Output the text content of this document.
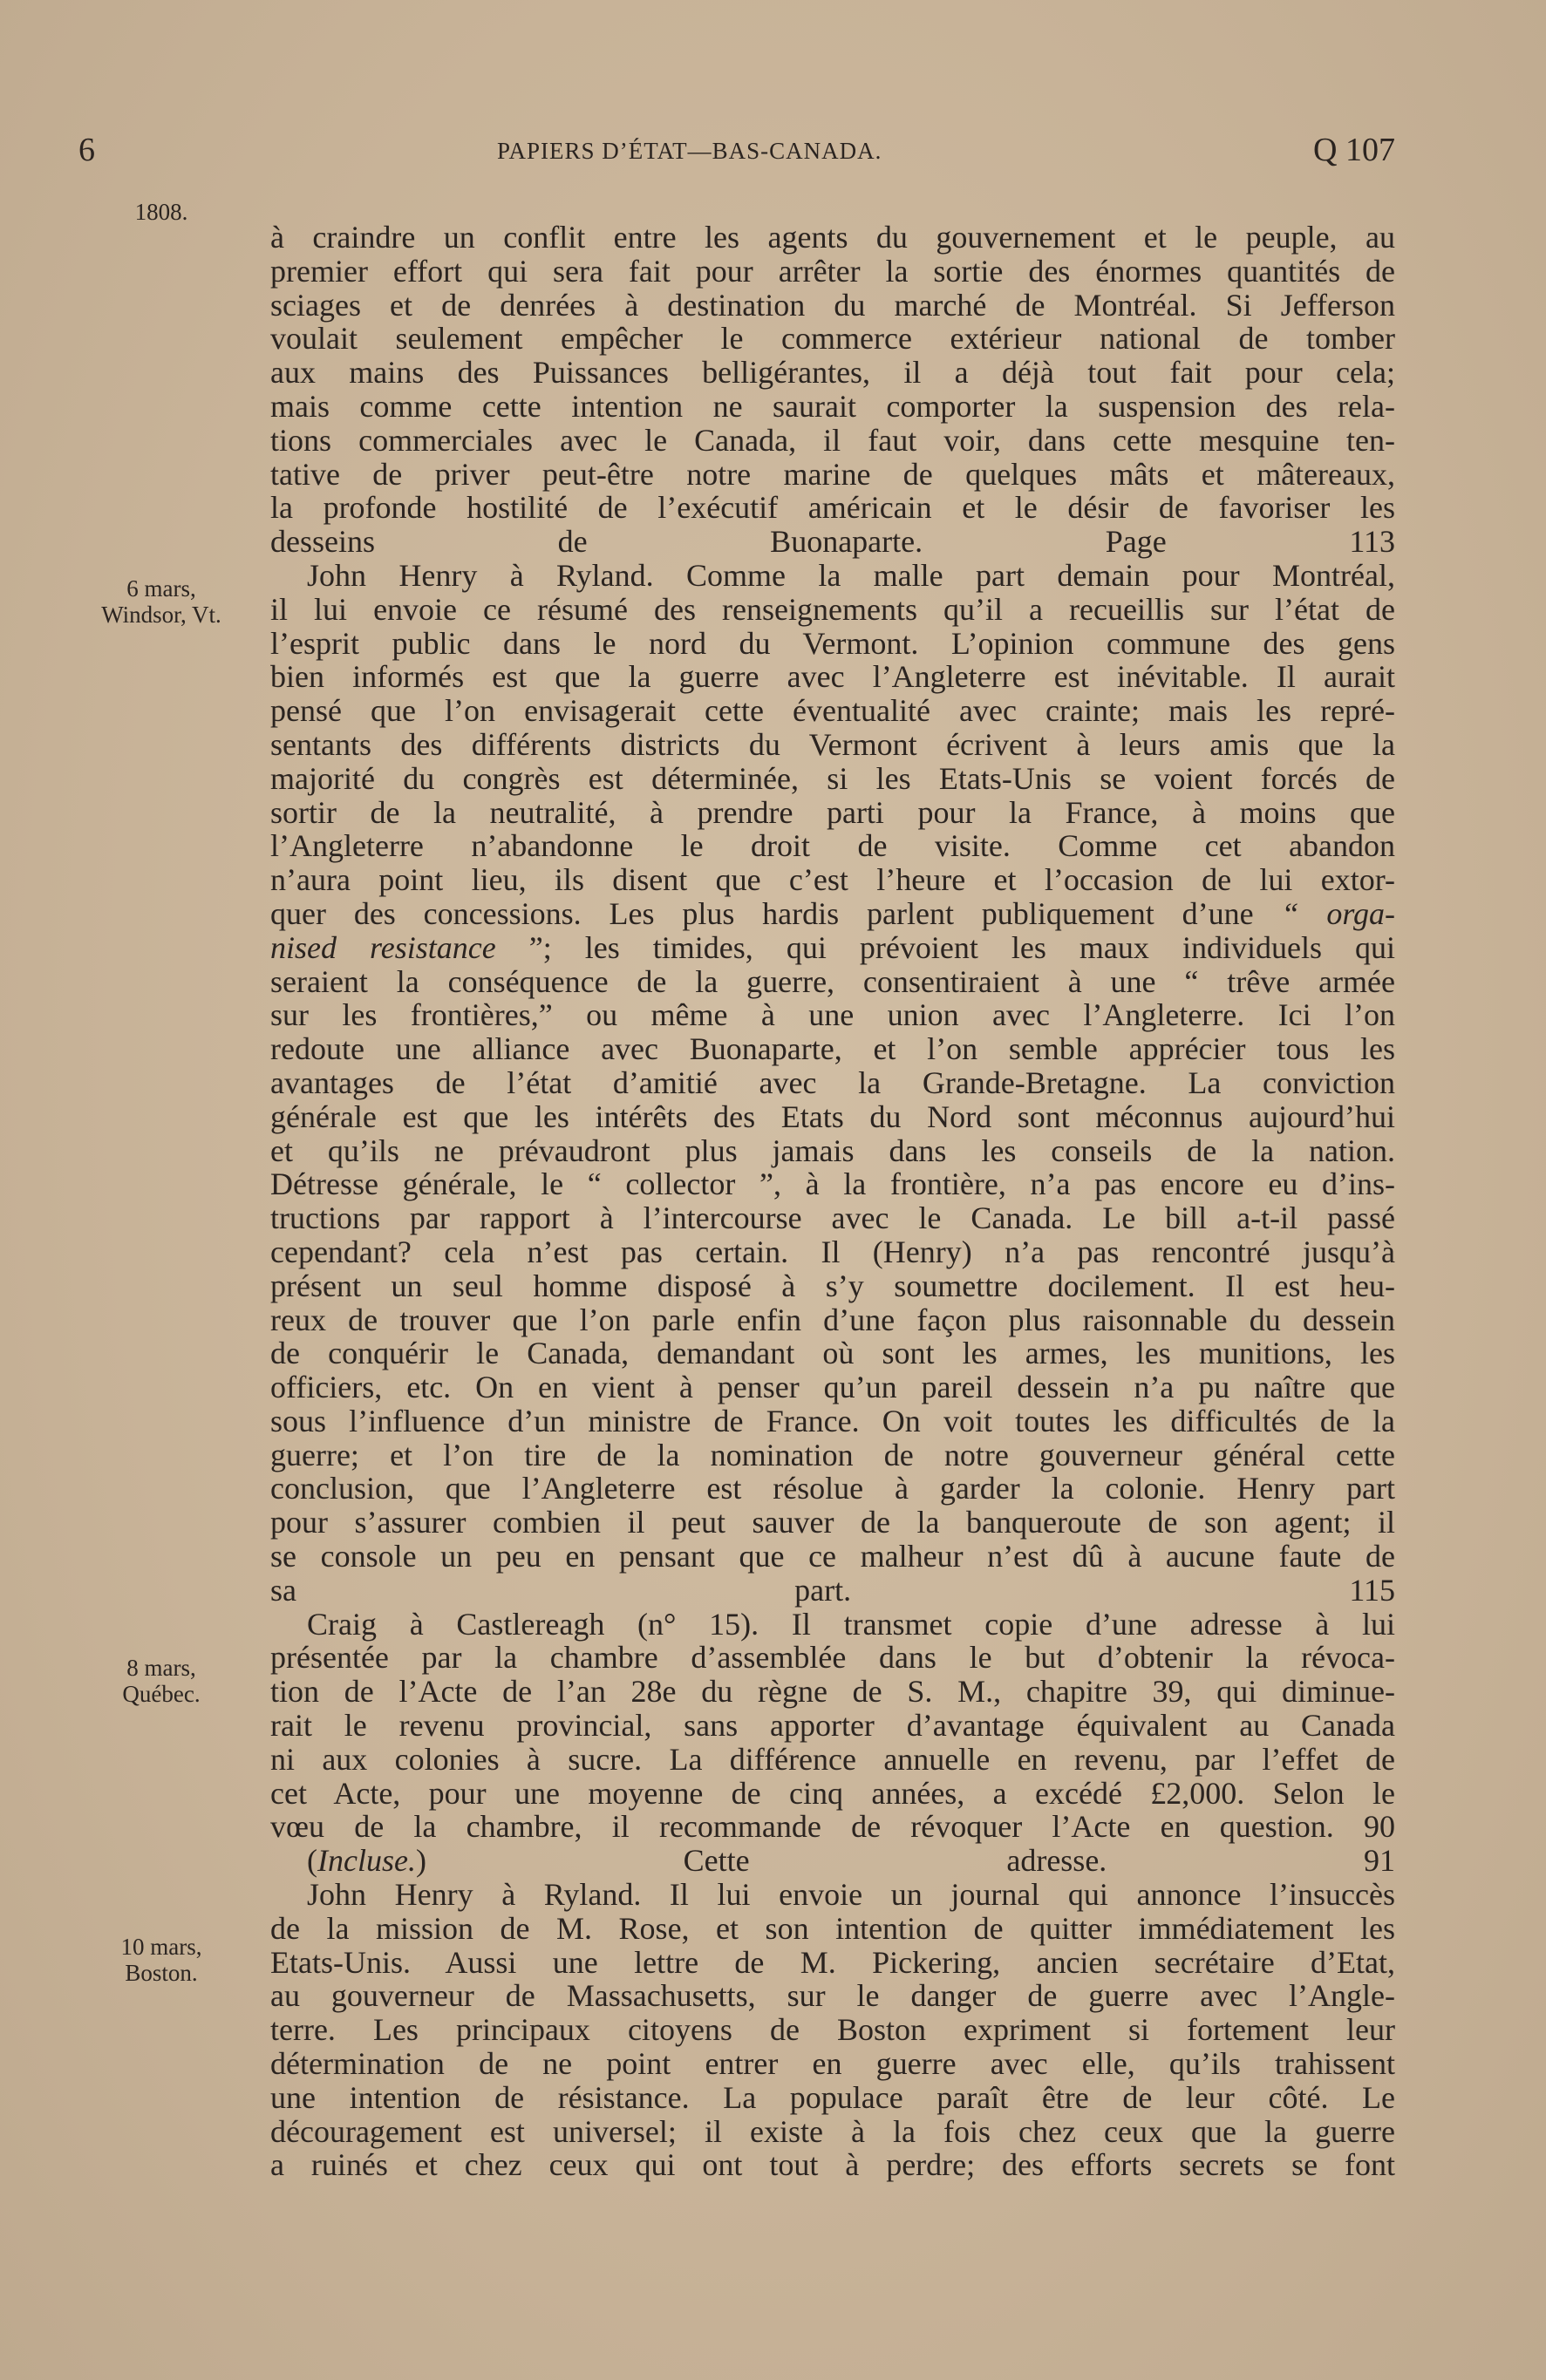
6	PAPIERS D’ÉTAT—BAS-CANADA.	Q 107
1808.
6 mars,
Windsor, Vt.
8 mars,
Québec.
10 mars,
Boston.
à craindre un conflit entre les agents du gouvernement et le peuple, au
premier effort qui sera fait pour arrêter la sortie des énormes quantités de
sciages et de denrées à destination du marché de Montréal. Si Jefferson
voulait seulement empêcher le commerce extérieur national de tomber
aux mains des Puissances belligérantes, il a déjà tout fait pour cela;
mais comme cette intention ne saurait comporter la suspension des rela-
tions commerciales avec le Canada, il faut voir, dans cette mesquine ten-
tative de priver peut-être notre marine de quelques mâts et mâtereaux,
la profonde hostilité de l’exécutif américain et le désir de favoriser les
desseins de Buonaparte.	Page 113
John Henry à Ryland. Comme la malle part demain pour Montréal,
il lui envoie ce résumé des renseignements qu’il a recueillis sur l’état de
l’esprit public dans le nord du Vermont. L’opinion commune des gens
bien informés est que la guerre avec l’Angleterre est inévitable. Il aurait
pensé que l’on envisagerait cette éventualité avec crainte; mais les repré-
sentants des différents districts du Vermont écrivent à leurs amis que la
majorité du congrès est déterminée, si les Etats-Unis se voient forcés de
sortir de la neutralité, à prendre parti pour la France, à moins que
l’Angleterre n’abandonne le droit de visite. Comme cet abandon
n’aura point lieu, ils disent que c’est l’heure et l’occasion de lui extor-
quer des concessions. Les plus hardis parlent publiquement d’une “ orga-
nised resistance ”; les timides, qui prévoient les maux individuels qui
seraient la conséquence de la guerre, consentiraient à une “ trêve armée
sur les frontières,” ou même à une union avec l’Angleterre. Ici l’on
redoute une alliance avec Buonaparte, et l’on semble apprécier tous les
avantages de l’état d’amitié avec la Grande-Bretagne. La conviction
générale est que les intérêts des Etats du Nord sont méconnus aujourd’hui
et qu’ils ne prévaudront plus jamais dans les conseils de la nation.
Détresse générale, le “ collector ”, à la frontière, n’a pas encore eu d’ins-
tructions par rapport à l’intercourse avec le Canada. Le bill a-t-il passé
cependant? cela n’est pas certain. Il (Henry) n’a pas rencontré jusqu’à
présent un seul homme disposé à s’y soumettre docilement. Il est heu-
reux de trouver que l’on parle enfin d’une façon plus raisonnable du dessein
de conquérir le Canada, demandant où sont les armes, les munitions, les
officiers, etc. On en vient à penser qu’un pareil dessein n’a pu naître que
sous l’influence d’un ministre de France. On voit toutes les difficultés de la
guerre; et l’on tire de la nomination de notre gouverneur général cette
conclusion, que l’Angleterre est résolue à garder la colonie. Henry part
pour s’assurer combien il peut sauver de la banqueroute de son agent; il
se console un peu en pensant que ce malheur n’est dû à aucune faute de
sa part.	115
Craig à Castlereagh (n° 15). Il transmet copie d’une adresse à lui
présentée par la chambre d’assemblée dans le but d’obtenir la révoca-
tion de l’Acte de l’an 28e du règne de S. M., chapitre 39, qui diminue-
rait le revenu provincial, sans apporter d’avantage équivalent au Canada
ni aux colonies à sucre. La différence annuelle en revenu, par l’effet de
cet Acte, pour une moyenne de cinq années, a excédé £2,000. Selon le
vœu de la chambre, il recommande de révoquer l’Acte en question. 90
(Incluse.) Cette adresse.	91
John Henry à Ryland. Il lui envoie un journal qui annonce l’insuccès
de la mission de M. Rose, et son intention de quitter immédiatement les
Etats-Unis. Aussi une lettre de M. Pickering, ancien secrétaire d’Etat,
au gouverneur de Massachusetts, sur le danger de guerre avec l’Angle-
terre. Les principaux citoyens de Boston expriment si fortement leur
détermination de ne point entrer en guerre avec elle, qu’ils trahissent
une intention de résistance. La populace paraît être de leur côté. Le
découragement est universel; il existe à la fois chez ceux que la guerre
a ruinés et chez ceux qui ont tout à perdre; des efforts secrets se font
